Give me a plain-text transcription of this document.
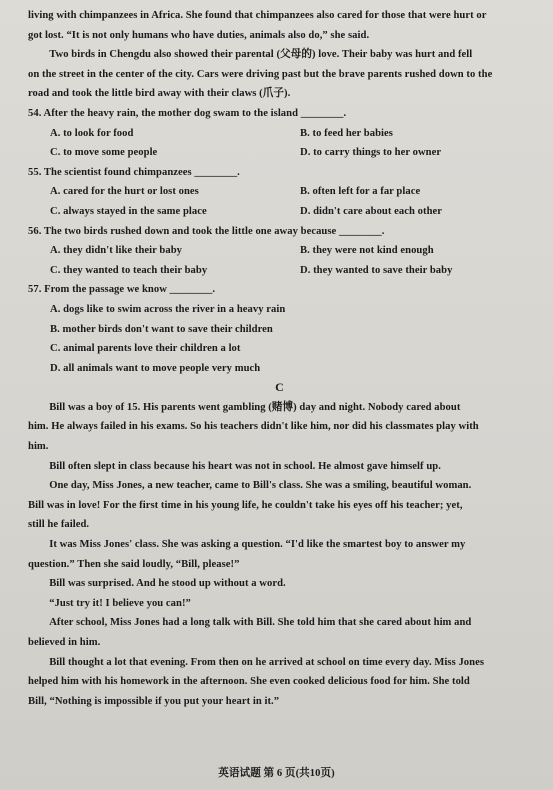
living with chimpanzees in Africa. She found that chimpanzees also cared for those that were hurt or

got lost. “It is not only humans who have duties, animals also do,” she said.

Two birds in Chengdu also showed their parental (父母的) love. Their baby was hurt and fell

on the street in the center of the city. Cars were driving past but the brave parents rushed down to the

road and took the little bird away with their claws (爪子).

54. After the heavy rain, the mother dog swam to the island ________.

A. to look for food	B. to feed her babies
C. to move some people	D. to carry things to her owner

55. The scientist found chimpanzees ________.

A. cared for the hurt or lost ones	B. often left for a far place
C. always stayed in the same place	D. didn't care about each other

56. The two birds rushed down and took the little one away because ________.

A. they didn't like their baby	B. they were not kind enough
C. they wanted to teach their baby	D. they wanted to save their baby

57. From the passage we know ________.

A. dogs like to swim across the river in a heavy rain
B. mother birds don't want to save their children
C. animal parents love their children a lot
D. all animals want to move people very much

C

Bill was a boy of 15. His parents went gambling (赌博) day and night. Nobody cared about

him. He always failed in his exams. So his teachers didn't like him, nor did his classmates play with

him.

Bill often slept in class because his heart was not in school. He almost gave himself up.

One day, Miss Jones, a new teacher, came to Bill's class. She was a smiling, beautiful woman.

Bill was in love! For the first time in his young life, he couldn't take his eyes off his teacher; yet,

still he failed.

It was Miss Jones' class. She was asking a question. “I'd like the smartest boy to answer my

question.” Then she said loudly, “Bill, please!”

Bill was surprised. And he stood up without a word.

“Just try it! I believe you can!”

After school, Miss Jones had a long talk with Bill. She told him that she cared about him and

believed in him.

Bill thought a lot that evening. From then on he arrived at school on time every day. Miss Jones

helped him with his homework in the afternoon. She even cooked delicious food for him. She told

Bill, “Nothing is impossible if you put your heart in it.”

英语试题 第 6 页(共10页)
